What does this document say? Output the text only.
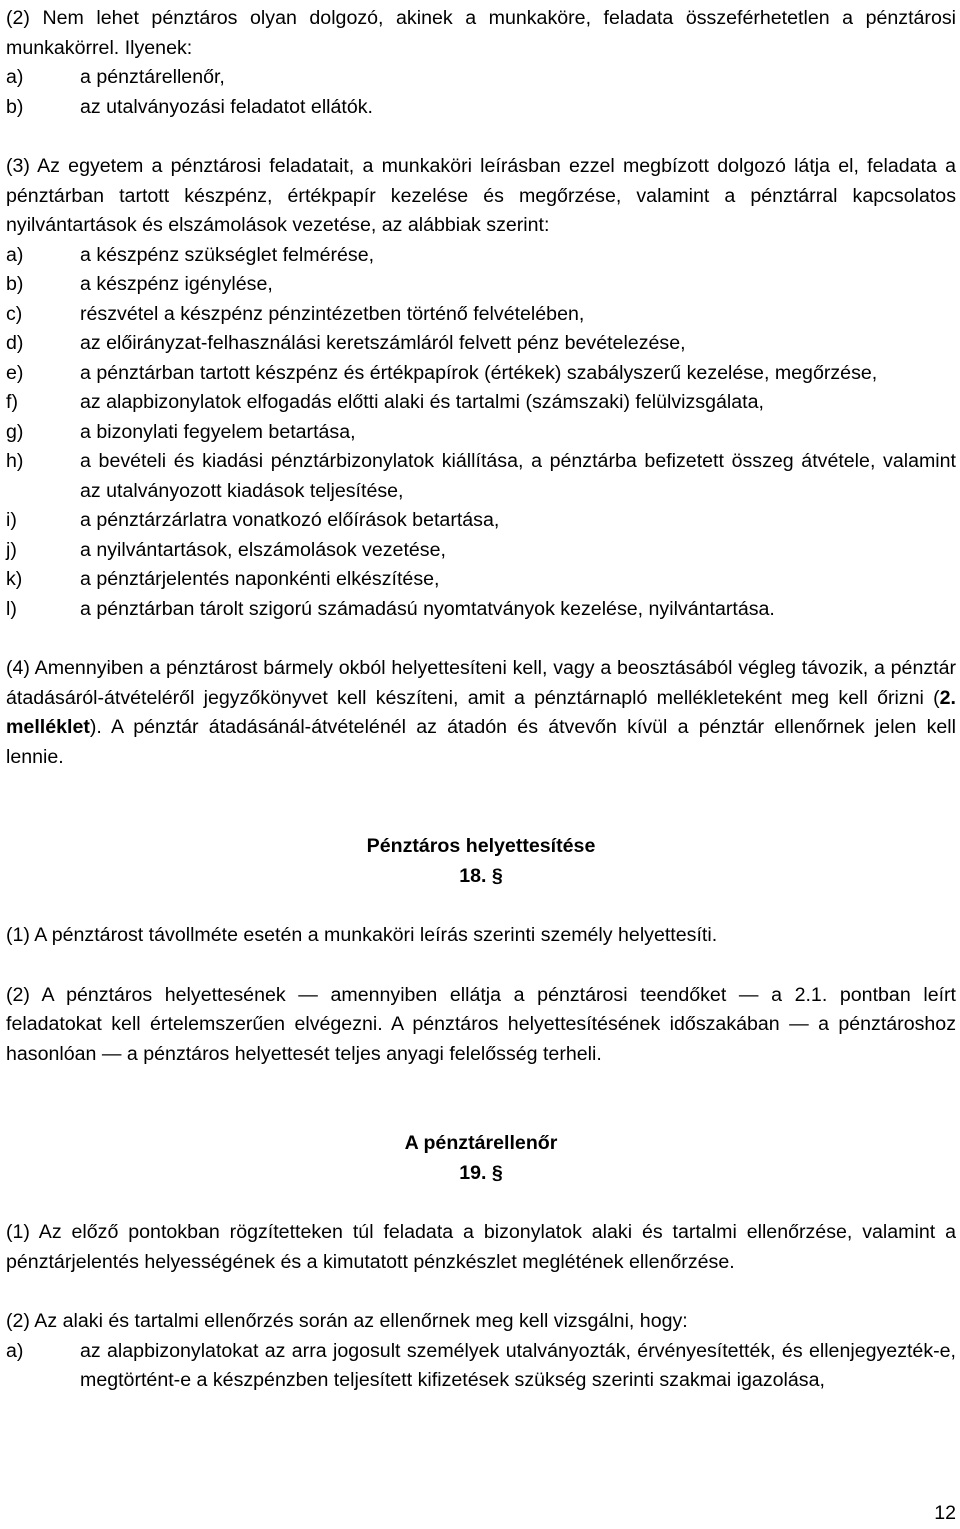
(2) Nem lehet pénztáros olyan dolgozó, akinek a munkaköre, feladata összeférhetetlen a pénztárosi munkakörrel. Ilyenek:

a)	a pénztárellenőr,
b)	az utalványozási feladatot ellátók.

(3) Az egyetem a pénztárosi feladatait, a munkaköri leírásban ezzel megbízott dolgozó látja el, feladata a pénztárban tartott készpénz, értékpapír kezelése és megőrzése, valamint a pénztárral kapcsolatos nyilvántartások és elszámolások vezetése, az alábbiak szerint:

a)	a készpénz szükséglet felmérése,
b)	a készpénz igénylése,
c)	részvétel a készpénz pénzintézetben történő felvételében,
d)	az előirányzat-felhasználási keretszámláról felvett pénz bevételezése,
e)	a pénztárban tartott készpénz és értékpapírok (értékek) szabályszerű kezelése, megőrzése,
f)	az alapbizonylatok elfogadás előtti alaki és tartalmi (számszaki) felülvizsgálata,
g)	a bizonylati fegyelem betartása,
h)	a bevételi és kiadási pénztárbizonylatok kiállítása, a pénztárba befizetett összeg átvétele, valamint az utalványozott kiadások teljesítése,
i)	a pénztárzárlatra vonatkozó előírások betartása,
j)	a nyilvántartások, elszámolások vezetése,
k)	a pénztárjelentés naponkénti elkészítése,
l)	a pénztárban tárolt szigorú számadású nyomtatványok kezelése, nyilvántartása.

(4) Amennyiben a pénztárost bármely okból helyettesíteni kell, vagy a beosztásából végleg távozik, a pénztár átadásáról-átvételéről jegyzőkönyvet kell készíteni, amit a pénztárnapló mellékleteként meg kell őrizni (2. melléklet). A pénztár átadásánál-átvételénél az átadón és átvevőn kívül a pénztár ellenőrnek jelen kell lennie.

Pénztáros helyettesítése

18. §

(1) A pénztárost távollméte esetén a munkaköri leírás szerinti személy helyettesíti.

(2) A pénztáros helyettesének — amennyiben ellátja a pénztárosi teendőket — a 2.1. pontban leírt feladatokat kell értelemszerűen elvégezni. A pénztáros helyettesítésének időszakában — a pénztároshoz hasonlóan — a pénztáros helyettesét teljes anyagi felelősség terheli.

A pénztárellenőr

19. §

(1) Az előző pontokban rögzítetteken túl feladata a bizonylatok alaki és tartalmi ellenőrzése, valamint a pénztárjelentés helyességének és a kimutatott pénzkészlet meglétének ellenőrzése.

(2) Az alaki és tartalmi ellenőrzés során az ellenőrnek meg kell vizsgálni, hogy:

a)	az alapbizonylatokat az arra jogosult személyek utalványozták, érvényesítették, és ellenjegyezték-e, megtörtént-e a készpénzben teljesített kifizetések szükség szerinti szakmai igazolása,
12
